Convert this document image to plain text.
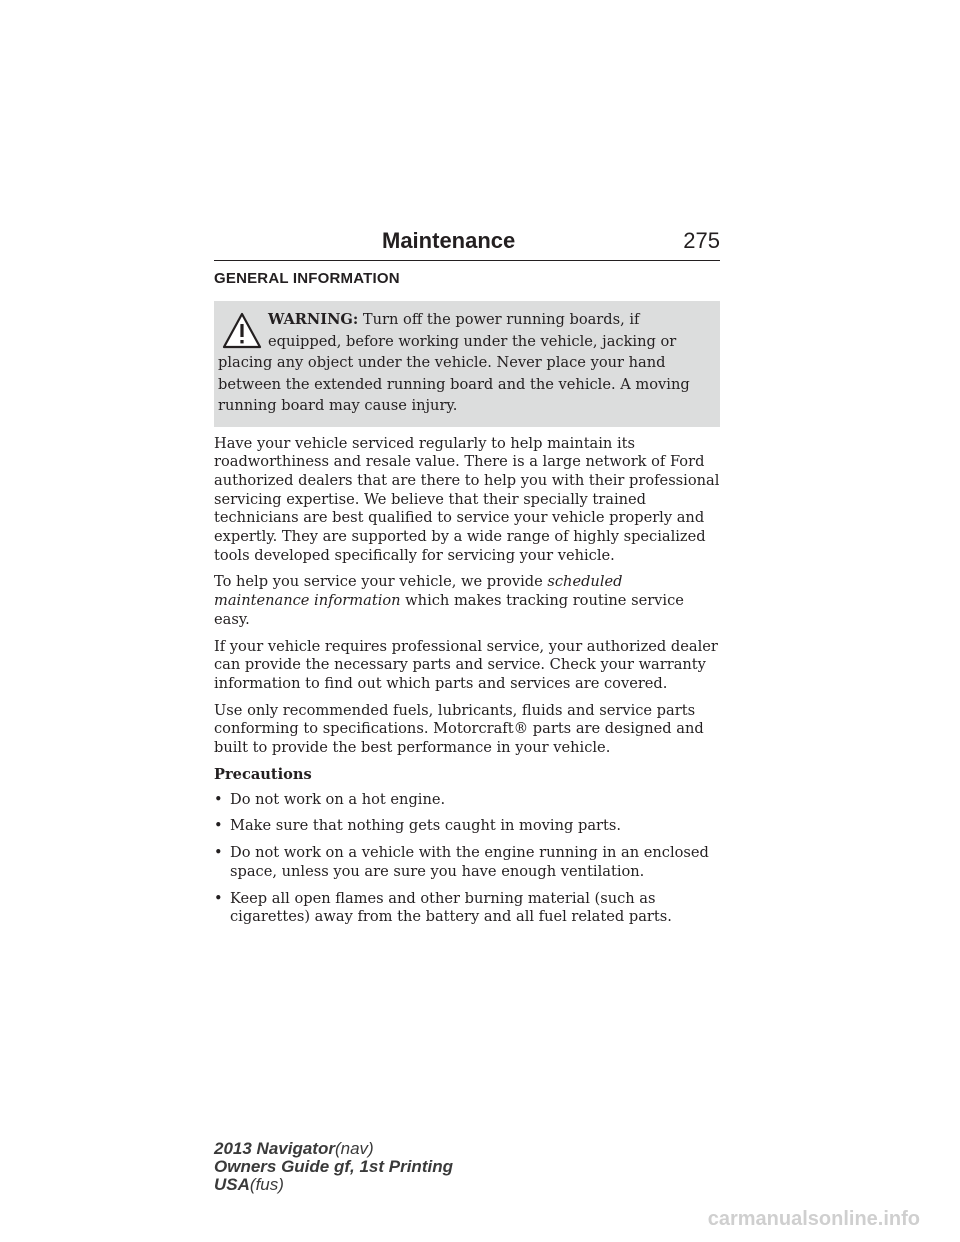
Maintenance	275
GENERAL INFORMATION
WARNING: Turn off the power running boards, if equipped, before working under the vehicle, jacking or placing any object under the vehicle. Never place your hand between the extended running board and the vehicle. A moving running board may cause injury.

Have your vehicle serviced regularly to help maintain its roadworthiness and resale value. There is a large network of Ford authorized dealers that are there to help you with their professional servicing expertise. We believe that their specially trained technicians are best qualified to service your vehicle properly and expertly. They are supported by a wide range of highly specialized tools developed specifically for servicing your vehicle.

To help you service your vehicle, we provide scheduled maintenance information which makes tracking routine service easy.

If your vehicle requires professional service, your authorized dealer can provide the necessary parts and service. Check your warranty information to find out which parts and services are covered.

Use only recommended fuels, lubricants, fluids and service parts conforming to specifications. Motorcraft® parts are designed and built to provide the best performance in your vehicle.

Precautions
• Do not work on a hot engine.
• Make sure that nothing gets caught in moving parts.
• Do not work on a vehicle with the engine running in an enclosed space, unless you are sure you have enough ventilation.
• Keep all open flames and other burning material (such as cigarettes) away from the battery and all fuel related parts.
2013 Navigator(nav)
Owners Guide gf, 1st Printing
USA(fus)
carmanualsonline.info
